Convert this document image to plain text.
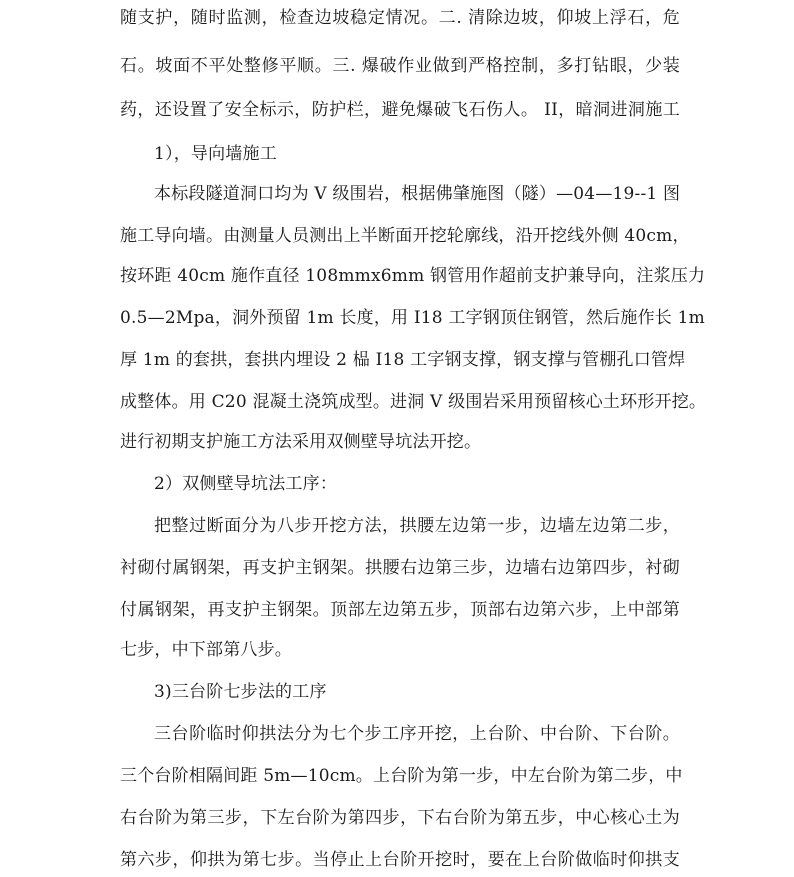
随支护，随时监测，检查边坡稳定情况。二. 清除边坡，仰坡上浮石，危
石。坡面不平处整修平顺。三. 爆破作业做到严格控制，多打钻眼，少装
药，还设置了安全标示，防护栏，避免爆破飞石伤人。 II，暗洞进洞施工
1），导向墙施工
本标段隧道洞口均为 V 级围岩，根据佛肇施图（隧）—04—19--1 图
施工导向墙。由测量人员测出上半断面开挖轮廓线，沿开挖线外侧 40cm，
按环距 40cm 施作直径 108mmx6mm 钢管用作超前支护兼导向，注浆压力
0.5—2Mpa，洞外预留 1m 长度，用 I18 工字钢顶住钢管，然后施作长 1m
厚 1m 的套拱，套拱内埋设 2 榀 I18 工字钢支撑，钢支撑与管棚孔口管焊
成整体。用 C20 混凝土浇筑成型。进洞 V 级围岩采用预留核心土环形开挖。
进行初期支护施工方法采用双侧壁导坑法开挖。
2）双侧壁导坑法工序：
把整过断面分为八步开挖方法，拱腰左边第一步，边墙左边第二步，
衬砌付属钢架，再支护主钢架。拱腰右边第三步，边墙右边第四步，衬砌
付属钢架，再支护主钢架。顶部左边第五步，顶部右边第六步，上中部第
七步，中下部第八步。
3)三台阶七步法的工序
三台阶临时仰拱法分为七个步工序开挖，上台阶、中台阶、下台阶。
三个台阶相隔间距 5m—10cm。上台阶为第一步，中左台阶为第二步，中
右台阶为第三步，下左台阶为第四步，下右台阶为第五步，中心核心土为
第六步，仰拱为第七步。当停止上台阶开挖时，要在上台阶做临时仰拱支
